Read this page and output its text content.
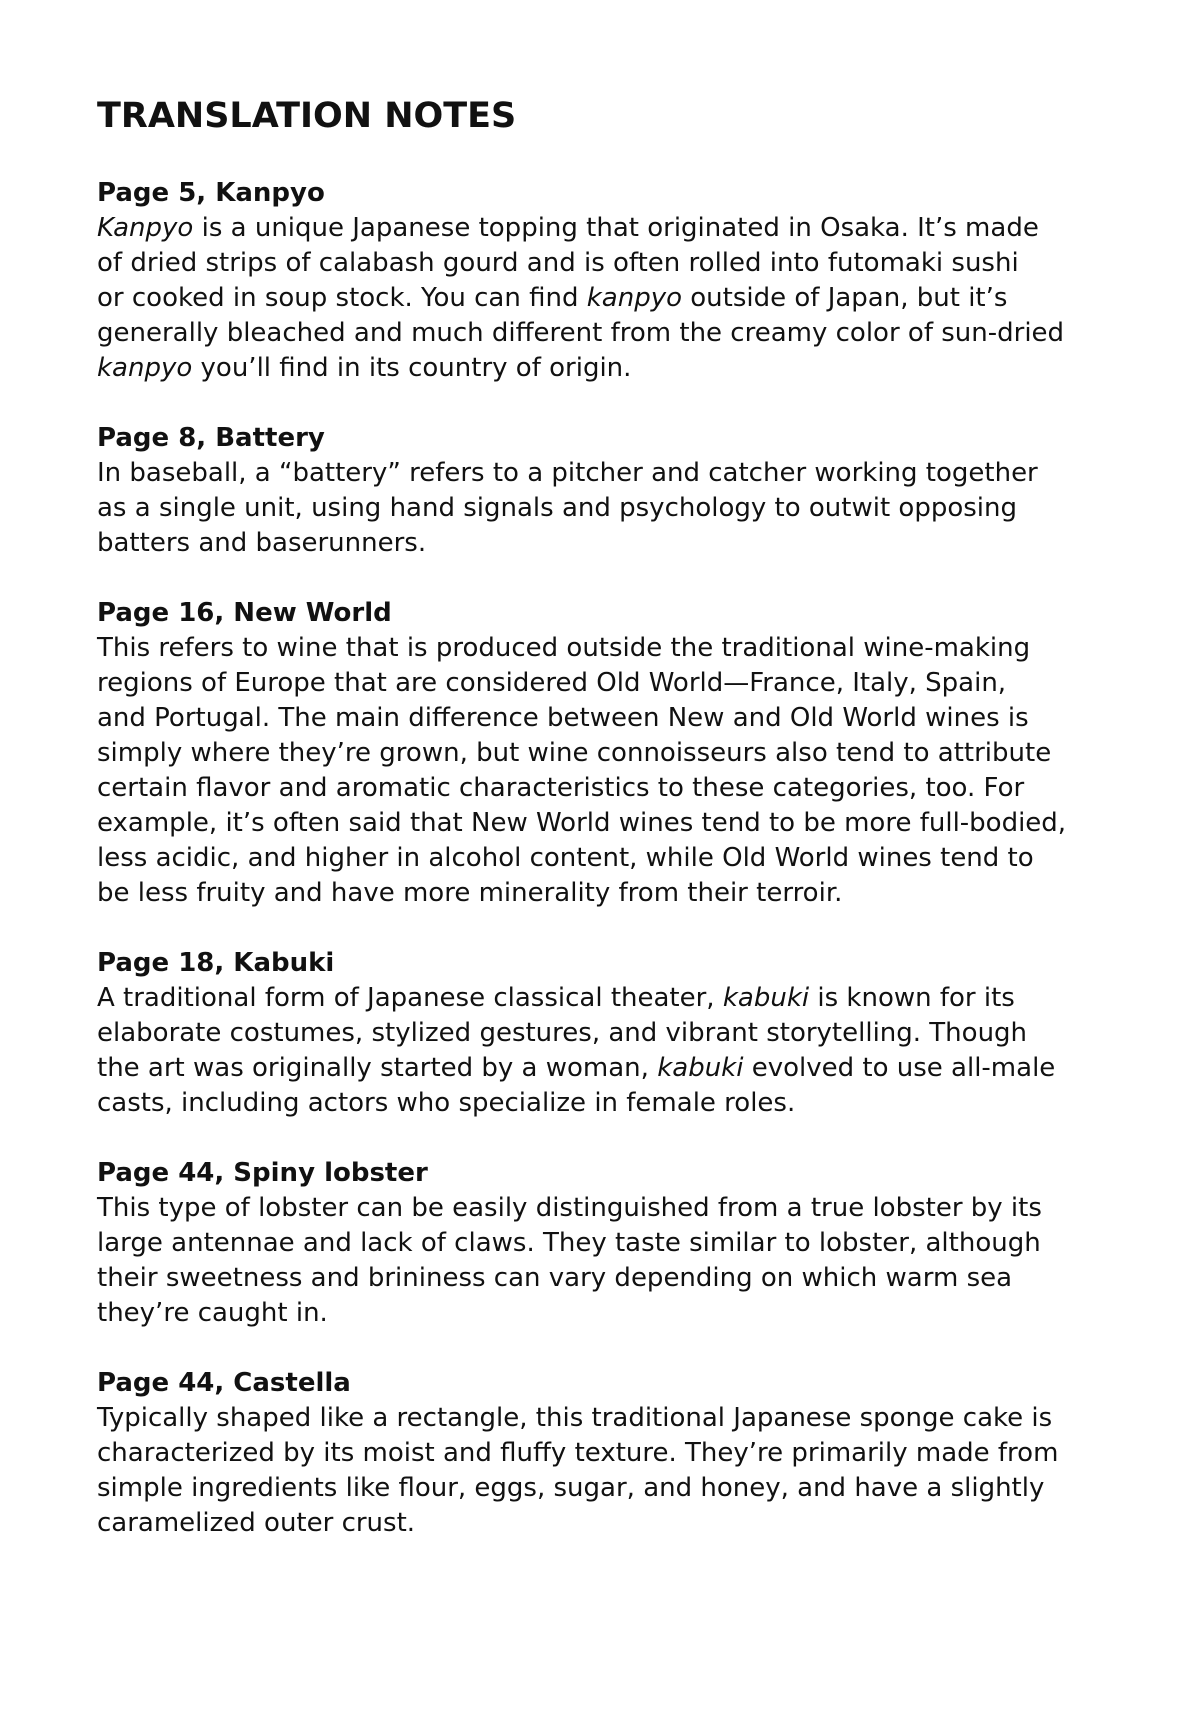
TRANSLATION NOTES
Page 5, Kanpyo
Kanpyo is a unique Japanese topping that originated in Osaka. It’s made
of dried strips of calabash gourd and is often rolled into futomaki sushi
or cooked in soup stock. You can find kanpyo outside of Japan, but it’s
generally bleached and much different from the creamy color of sun-dried
kanpyo you’ll find in its country of origin.
Page 8, Battery
In baseball, a “battery” refers to a pitcher and catcher working together
as a single unit, using hand signals and psychology to outwit opposing
batters and baserunners.
Page 16, New World
This refers to wine that is produced outside the traditional wine-making
regions of Europe that are considered Old World—France, Italy, Spain,
and Portugal. The main difference between New and Old World wines is
simply where they’re grown, but wine connoisseurs also tend to attribute
certain flavor and aromatic characteristics to these categories, too. For
example, it’s often said that New World wines tend to be more full-bodied,
less acidic, and higher in alcohol content, while Old World wines tend to
be less fruity and have more minerality from their terroir.
Page 18, Kabuki
A traditional form of Japanese classical theater, kabuki is known for its
elaborate costumes, stylized gestures, and vibrant storytelling. Though
the art was originally started by a woman, kabuki evolved to use all-male
casts, including actors who specialize in female roles.
Page 44, Spiny lobster
This type of lobster can be easily distinguished from a true lobster by its
large antennae and lack of claws. They taste similar to lobster, although
their sweetness and brininess can vary depending on which warm sea
they’re caught in.
Page 44, Castella
Typically shaped like a rectangle, this traditional Japanese sponge cake is
characterized by its moist and fluffy texture. They’re primarily made from
simple ingredients like flour, eggs, sugar, and honey, and have a slightly
caramelized outer crust.
